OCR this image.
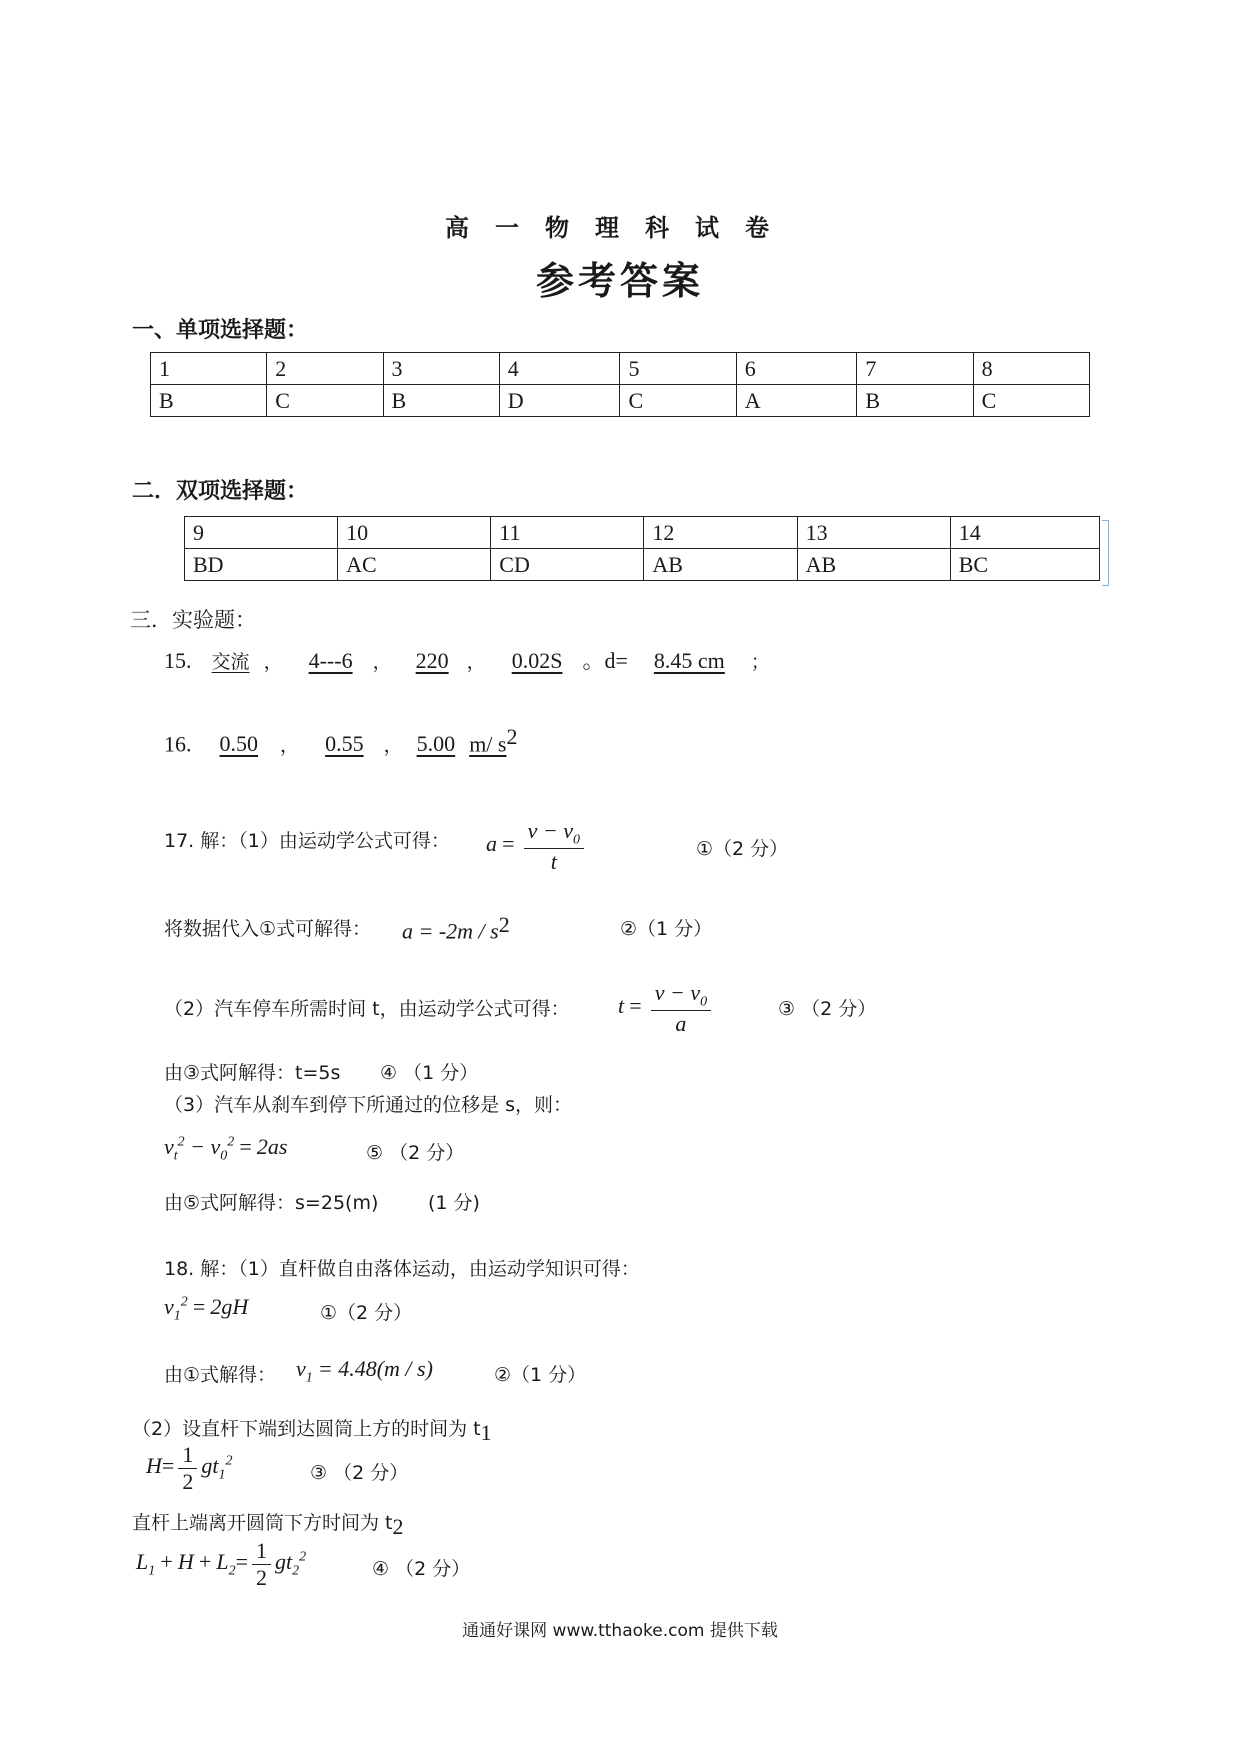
高一物理科试卷
参考答案
一、单项选择题：
1	2	3	4	5	6	7	8
B	C	B	D	C	A	B	C
二．双项选择题：
9	10	11	12	13	14
BD	AC	CD	AB	AB	BC
三．实验题：
15. 交流 ， 4---6 ， 220 ， 0.02S 。d= 8.45 cm ；
16. 0.50 ， 0.55 ， 5.00 m/ $s^2$
17. 解：（1）由运动学公式可得： $a = \frac{v - v_0}{t}$	①（2 分）
将数据代入①式可解得： $a = -2m / s^2$	②（1 分）
（2）汽车停车所需时间 t，由运动学公式可得： $t = \frac{v - v_0}{a}$	③ （2 分）
由③式阿解得：t=5s ④ （1 分）
（3）汽车从刹车到停下所通过的位移是 s，则：
$v_t^2 - v_0^2 = 2as$	⑤ （2 分）
由⑤式阿解得：s=25(m)	(1 分)
18. 解：（1）直杆做自由落体运动，由运动学知识可得：
$v_1^2 = 2gH$	①（2 分）
由①式解得： $v_1 = 4.48(m / s)$	②（1 分）
（2）设直杆下端到达圆筒上方的时间为 $t_1$
$H= \frac{1}{2} gt_1^2$
③ （2 分）
直杆上端离开圆筒下方时间为 $t_2$
$L_1 + H + L_2= \frac{1}{2} gt_2^2$
④ （2 分）
通通好课网 www.tthaoke.com 提供下载
